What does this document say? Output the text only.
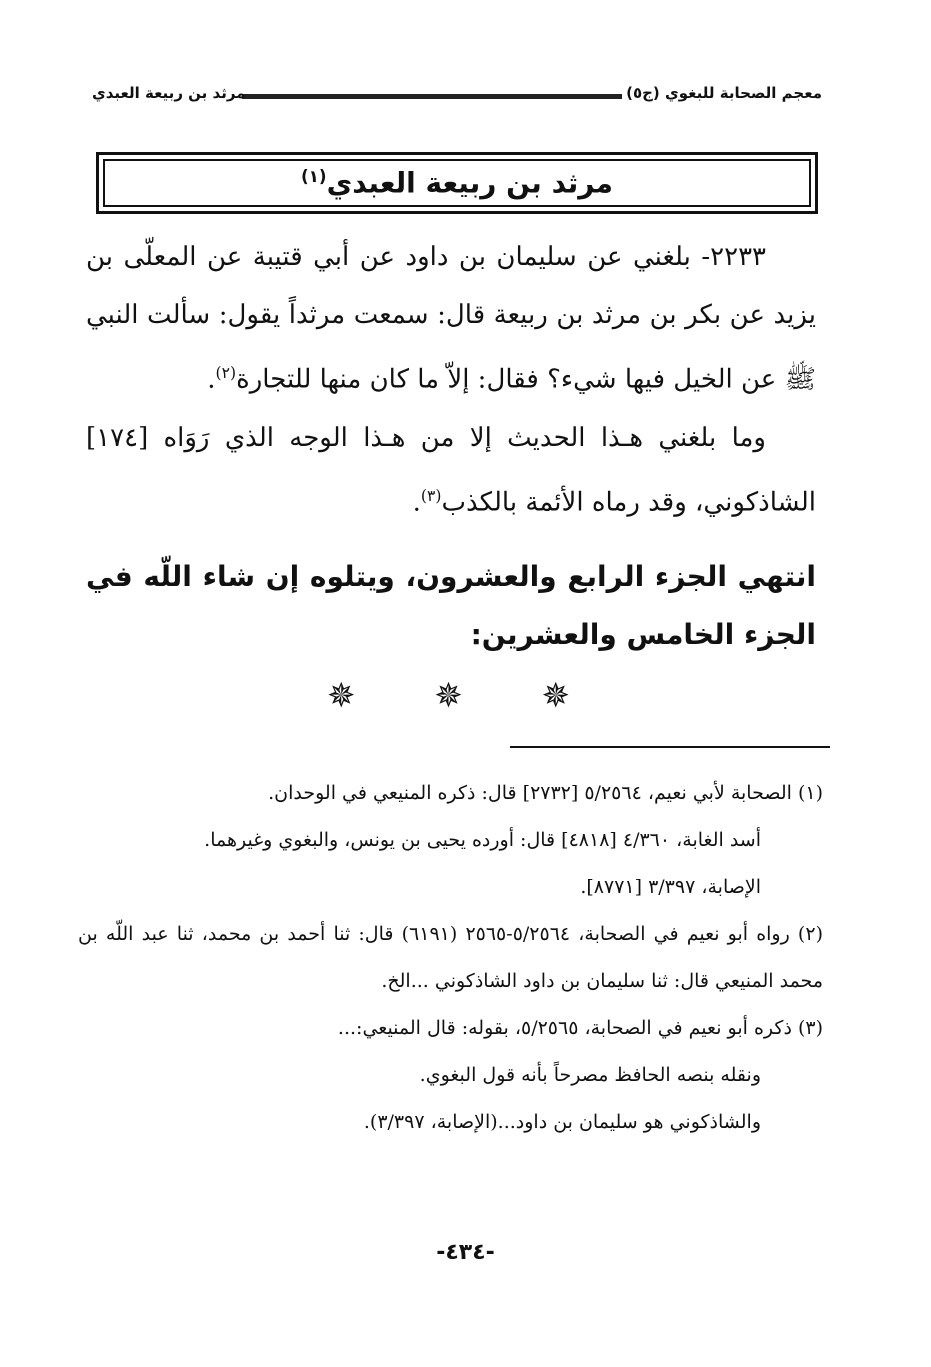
معجم الصحابة للبغوي (ج٥)
مرثد بن ربيعة العبدي
مرثد بن ربيعة العبدي$^{(١)}$

٢٢٣٣- بلغني عن سليمان بن داود عن أبي قتيبة عن المعلّى بن يزيد عن بكر بن مرثد بن ربيعة قال: سمعت مرثداً يقول: سألت النبي ﷺ عن الخيل فيها شيء؟ فقال: إلاّ ما كان منها للتجارة$^{(٢)}$.

وما بلغني هـذا الحديث إلا من هـذا الوجه الذي رَوَاه [١٧٤] الشاذكوني، وقد رماه الأئمة بالكذب$^{(٣)}$.

انتهي الجزء الرابع والعشرون، ويتلوه إن شاء اللّه في الجزء الخامس والعشرين:
✵ ✵ ✵
(١) الصحابة لأبي نعيم، ٥/٢٥٦٤ [٢٧٣٢] قال: ذكره المنيعي في الوحدان.
أسد الغابة، ٤/٣٦٠ [٤٨١٨] قال: أورده يحيى بن يونس، والبغوي وغيرهما.
الإصابة، ٣/٣٩٧ [٨٧٧١].
(٢) رواه أبو نعيم في الصحابة، ٥/٢٥٦٤-٢٥٦٥ (٦١٩١) قال: ثنا أحمد بن محمد، ثنا عبد اللّه بن محمد المنيعي قال: ثنا سليمان بن داود الشاذكوني ...الخ.
(٣) ذكره أبو نعيم في الصحابة، ٥/٢٥٦٥، بقوله: قال المنيعي:...
ونقله بنصه الحافظ مصرحاً بأنه قول البغوي.
والشاذكوني هو سليمان بن داود...(الإصابة، ٣/٣٩٧).
-٤٣٤-
